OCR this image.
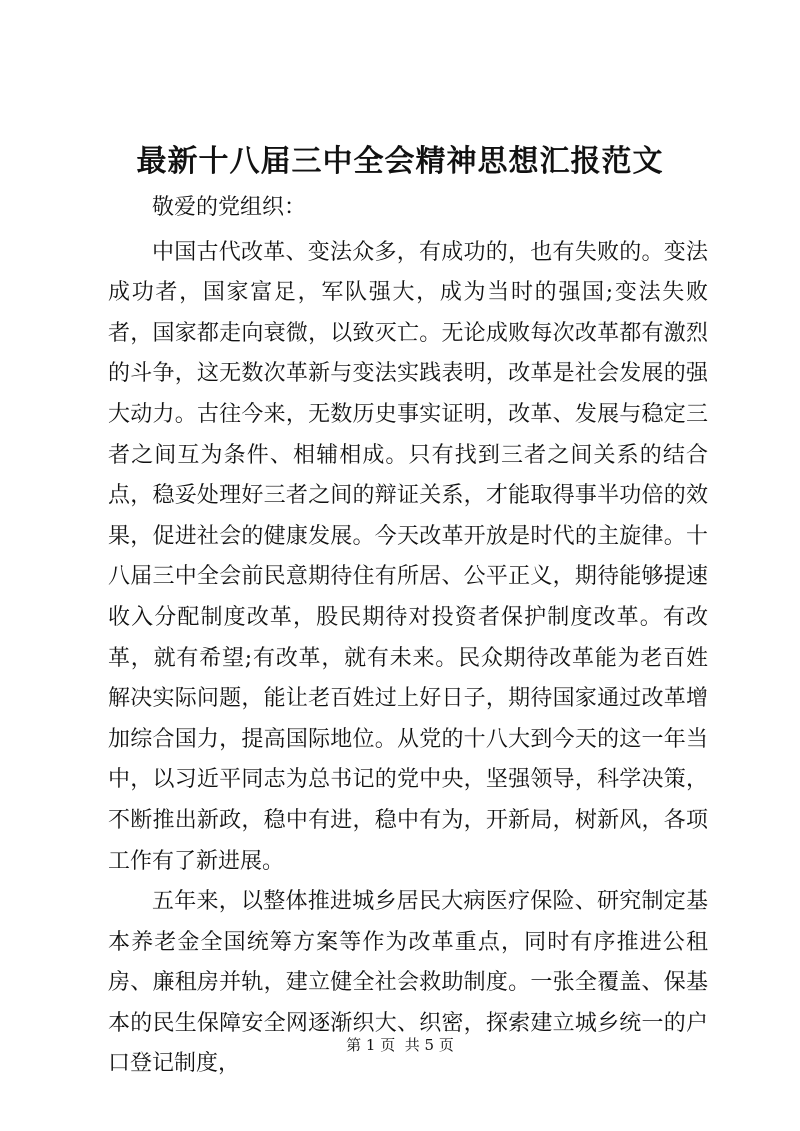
最新十八届三中全会精神思想汇报范文

敬爱的党组织：

中国古代改革、变法众多，有成功的，也有失败的。变法成功者，国家富足，军队强大，成为当时的强国;变法失败者，国家都走向衰微，以致灭亡。无论成败每次改革都有激烈的斗争，这无数次革新与变法实践表明，改革是社会发展的强大动力。古往今来，无数历史事实证明，改革、发展与稳定三者之间互为条件、相辅相成。只有找到三者之间关系的结合点，稳妥处理好三者之间的辩证关系，才能取得事半功倍的效果，促进社会的健康发展。今天改革开放是时代的主旋律。十八届三中全会前民意期待住有所居、公平正义，期待能够提速收入分配制度改革，股民期待对投资者保护制度改革。有改革，就有希望;有改革，就有未来。民众期待改革能为老百姓解决实际问题，能让老百姓过上好日子，期待国家通过改革增加综合国力，提高国际地位。从党的十八大到今天的这一年当中，以习近平同志为总书记的党中央，坚强领导，科学决策，不断推出新政，稳中有进，稳中有为，开新局，树新风，各项工作有了新进展。

五年来，以整体推进城乡居民大病医疗保险、研究制定基本养老金全国统筹方案等作为改革重点，同时有序推进公租房、廉租房并轨，建立健全社会救助制度。一张全覆盖、保基本的民生保障安全网逐渐织大、织密，探索建立城乡统一的户口登记制度，

第 1 页  共 5 页
